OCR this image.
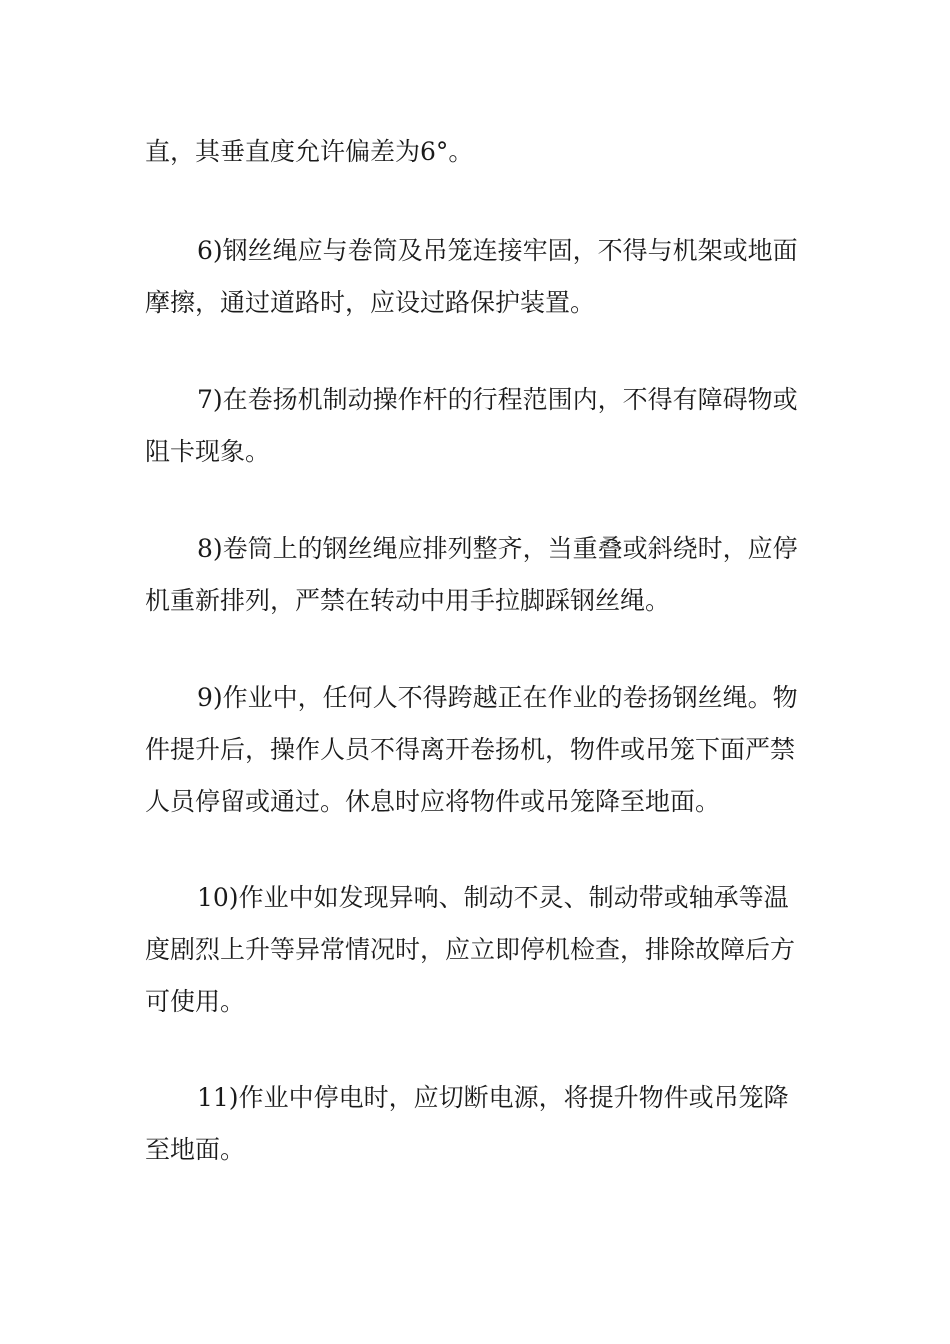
直，其垂直度允许偏差为6°。

6)钢丝绳应与卷筒及吊笼连接牢固，不得与机架或地面摩擦，通过道路时，应设过路保护装置。

7)在卷扬机制动操作杆的行程范围内，不得有障碍物或阻卡现象。

8)卷筒上的钢丝绳应排列整齐，当重叠或斜绕时，应停机重新排列，严禁在转动中用手拉脚踩钢丝绳。

9)作业中，任何人不得跨越正在作业的卷扬钢丝绳。物件提升后，操作人员不得离开卷扬机，物件或吊笼下面严禁人员停留或通过。休息时应将物件或吊笼降至地面。

10)作业中如发现异响、制动不灵、制动带或轴承等温度剧烈上升等异常情况时，应立即停机检查，排除故障后方可使用。

11)作业中停电时，应切断电源，将提升物件或吊笼降至地面。
